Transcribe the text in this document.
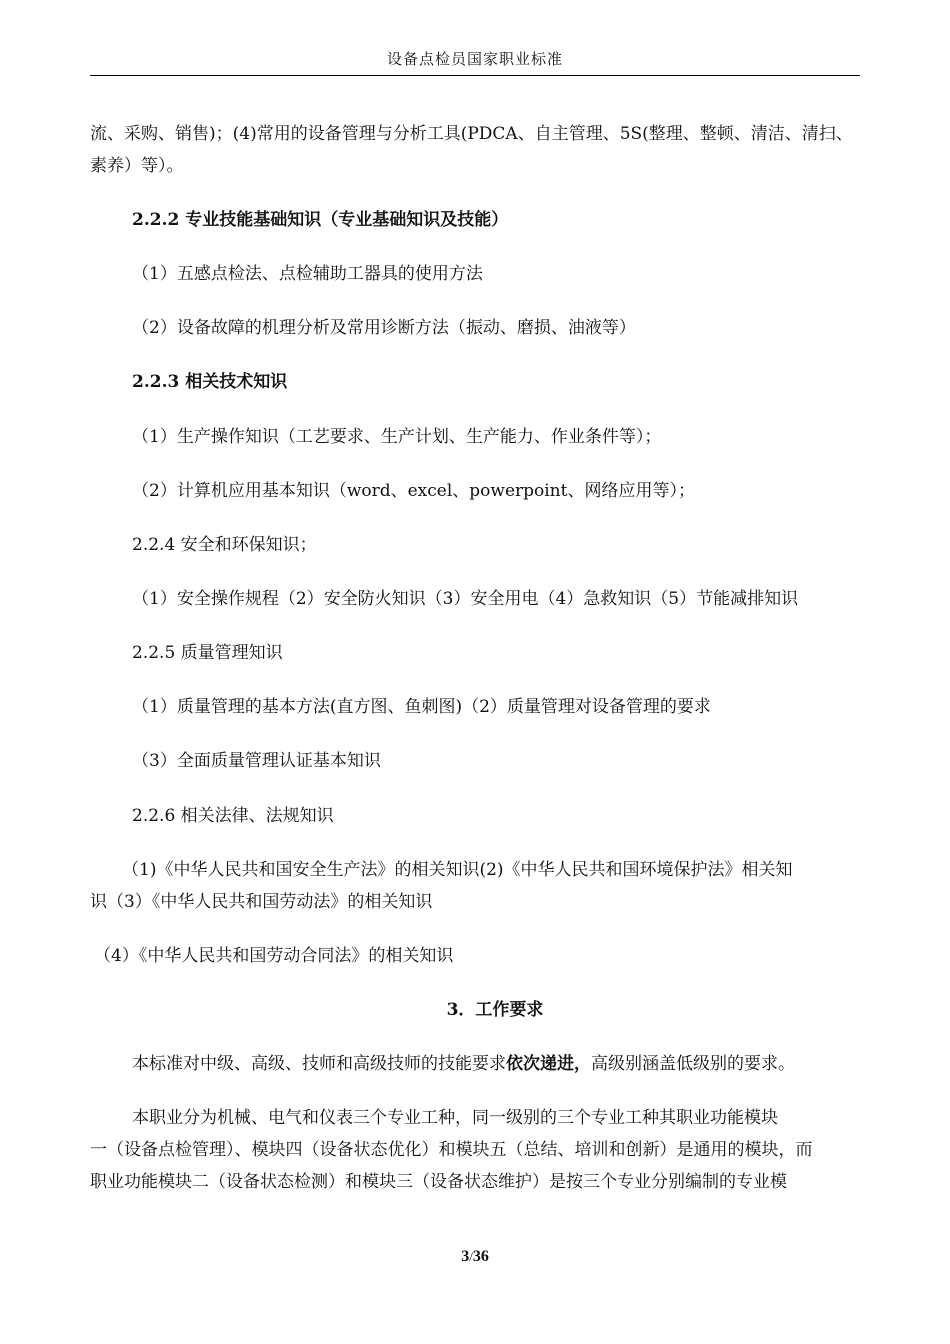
设备点检员国家职业标准
流、采购、销售)；(4)常用的设备管理与分析工具(PDCA、自主管理、5S(整理、整顿、清洁、清扫、
素养）等）。
2.2.2 专业技能基础知识（专业基础知识及技能）
（1）五感点检法、点检辅助工器具的使用方法
（2）设备故障的机理分析及常用诊断方法（振动、磨损、油液等）
2.2.3 相关技术知识
（1）生产操作知识（工艺要求、生产计划、生产能力、作业条件等）；
（2）计算机应用基本知识（word、excel、powerpoint、网络应用等）；
2.2.4 安全和环保知识；
（1）安全操作规程（2）安全防火知识（3）安全用电（4）急救知识（5）节能减排知识
2.2.5 质量管理知识
（1）质量管理的基本方法(直方图、鱼刺图)（2）质量管理对设备管理的要求
（3）全面质量管理认证基本知识
2.2.6 相关法律、法规知识
（1)《中华人民共和国安全生产法》的相关知识(2)《中华人民共和国环境保护法》相关知
识（3）《中华人民共和国劳动法》的相关知识
（4）《中华人民共和国劳动合同法》的相关知识
3．工作要求
本标准对中级、高级、技师和高级技师的技能要求依次递进，高级别涵盖低级别的要求。
本职业分为机械、电气和仪表三个专业工种，同一级别的三个专业工种其职业功能模块
一（设备点检管理）、模块四（设备状态优化）和模块五（总结、培训和创新）是通用的模块，而
职业功能模块二（设备状态检测）和模块三（设备状态维护）是按三个专业分别编制的专业模
3/36
